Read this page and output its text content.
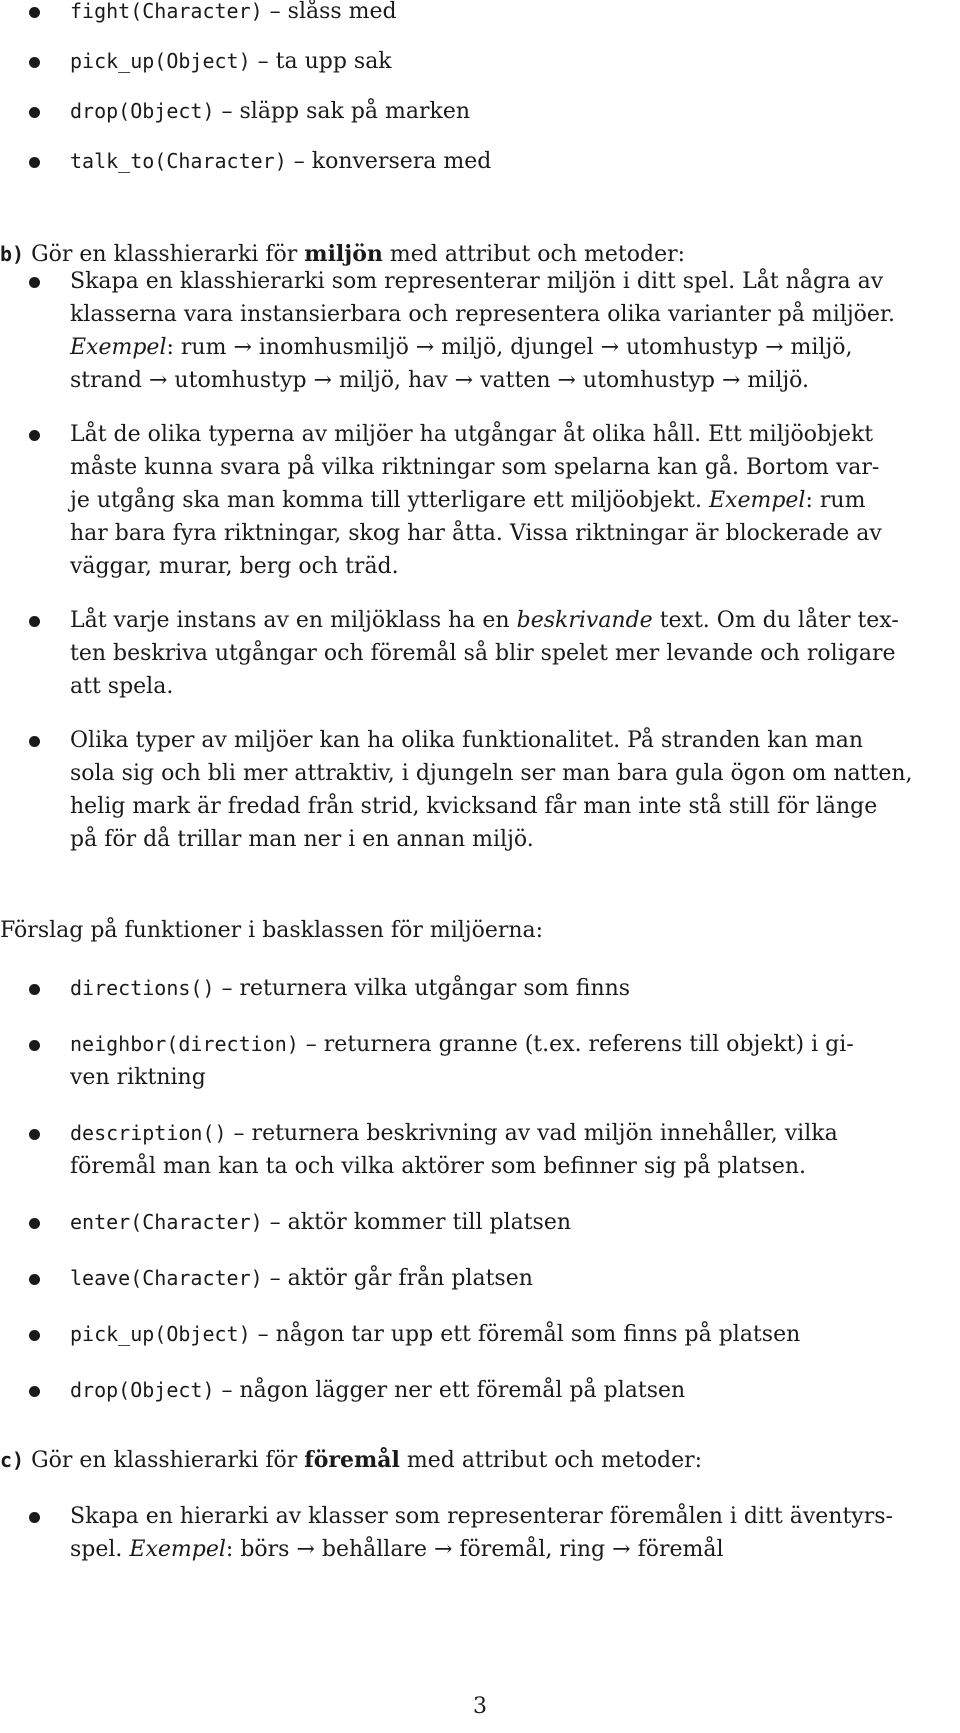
fight(Character) – slåss med
pick_up(Object) – ta upp sak
drop(Object) – släpp sak på marken
talk_to(Character) – konversera med
b) Gör en klasshierarki för miljön med attribut och metoder:
Skapa en klasshierarki som representerar miljön i ditt spel. Låt några av
klasserna vara instansierbara och representera olika varianter på miljöer.
Exempel: rum → inomhusmiljö → miljö, djungel → utomhustyp → miljö,
strand → utomhustyp → miljö, hav → vatten → utomhustyp → miljö.
Låt de olika typerna av miljöer ha utgångar åt olika håll. Ett miljöobjekt
måste kunna svara på vilka riktningar som spelarna kan gå. Bortom var-
je utgång ska man komma till ytterligare ett miljöobjekt. Exempel: rum
har bara fyra riktningar, skog har åtta. Vissa riktningar är blockerade av
väggar, murar, berg och träd.
Låt varje instans av en miljöklass ha en beskrivande text. Om du låter tex-
ten beskriva utgångar och föremål så blir spelet mer levande och roligare
att spela.
Olika typer av miljöer kan ha olika funktionalitet. På stranden kan man
sola sig och bli mer attraktiv, i djungeln ser man bara gula ögon om natten,
helig mark är fredad från strid, kvicksand får man inte stå still för länge
på för då trillar man ner i en annan miljö.
Förslag på funktioner i basklassen för miljöerna:
directions() – returnera vilka utgångar som finns
neighbor(direction) – returnera granne (t.ex. referens till objekt) i gi-
ven riktning
description() – returnera beskrivning av vad miljön innehåller, vilka
föremål man kan ta och vilka aktörer som befinner sig på platsen.
enter(Character) – aktör kommer till platsen
leave(Character) – aktör går från platsen
pick_up(Object) – någon tar upp ett föremål som finns på platsen
drop(Object) – någon lägger ner ett föremål på platsen
c) Gör en klasshierarki för föremål med attribut och metoder:
Skapa en hierarki av klasser som representerar föremålen i ditt äventyrs-
spel. Exempel: börs → behållare → föremål, ring → föremål
3
